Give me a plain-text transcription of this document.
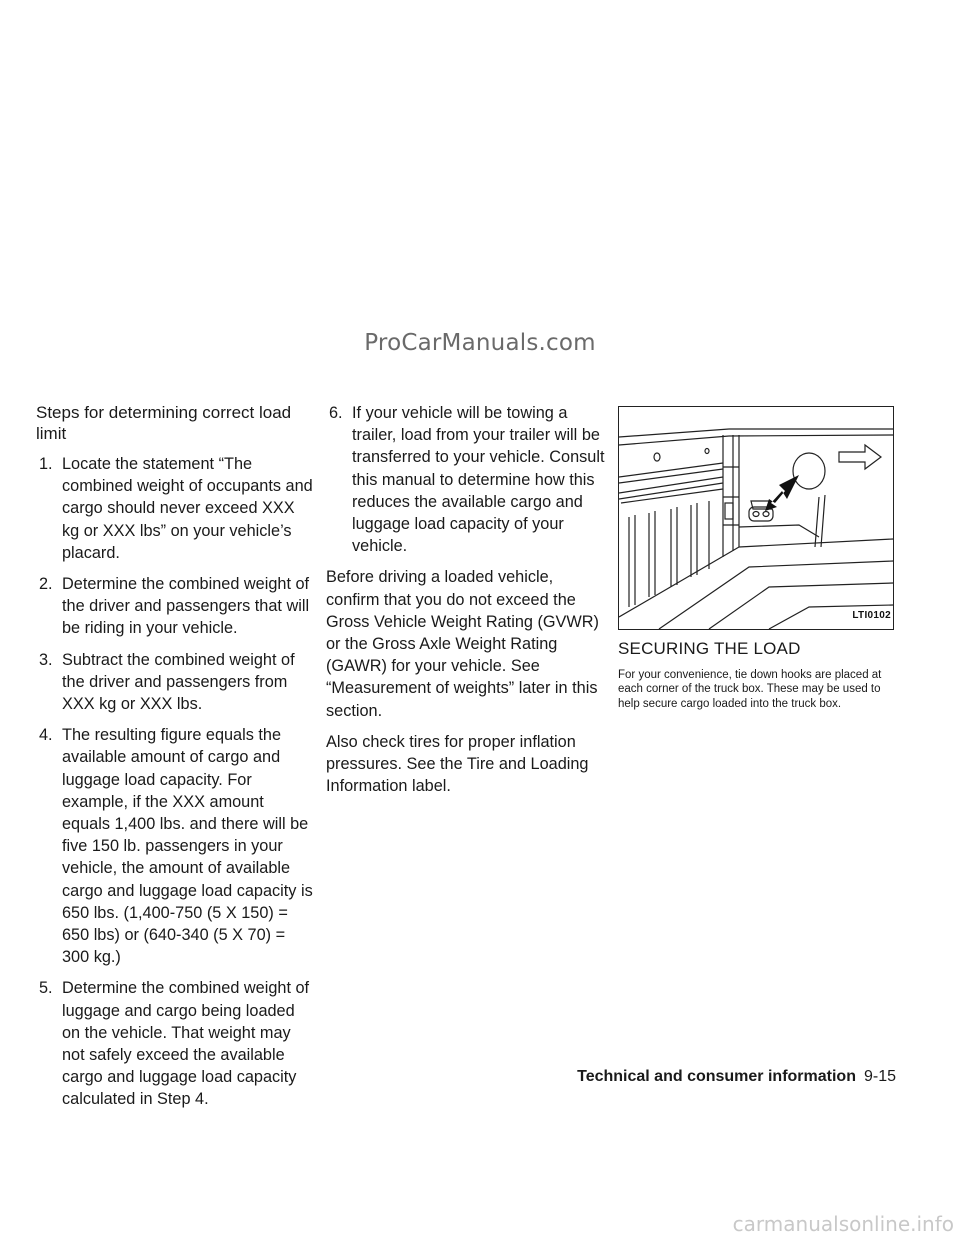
ProCarManuals.com
Steps for determining correct load limit
1. Locate the statement “The combined weight of occupants and cargo should never exceed XXX kg or XXX lbs” on your vehicle’s placard.
2. Determine the combined weight of the driver and passengers that will be riding in your vehicle.
3. Subtract the combined weight of the driver and passengers from XXX kg or XXX lbs.
4. The resulting figure equals the available amount of cargo and luggage load capacity. For example, if the XXX amount equals 1,400 lbs. and there will be five 150 lb. passengers in your vehicle, the amount of available cargo and luggage load capacity is 650 lbs. (1,400-750 (5 X 150) = 650 lbs) or (640-340 (5 X 70) = 300 kg.)
5. Determine the combined weight of luggage and cargo being loaded on the vehicle. That weight may not safely exceed the available cargo and luggage load capacity calculated in Step 4.
6. If your vehicle will be towing a trailer, load from your trailer will be transferred to your vehicle. Consult this manual to determine how this reduces the available cargo and luggage load capacity of your vehicle.

Before driving a loaded vehicle, confirm that you do not exceed the Gross Vehicle Weight Rating (GVWR) or the Gross Axle Weight Rating (GAWR) for your vehicle. See “Measurement of weights” later in this section.

Also check tires for proper inflation pressures. See the Tire and Loading Information label.

LTI0102
SECURING THE LOAD

For your convenience, tie down hooks are placed at each corner of the truck box. These may be used to help secure cargo loaded into the truck box.

Technical and consumer information 9-15
carmanualsonline.info
